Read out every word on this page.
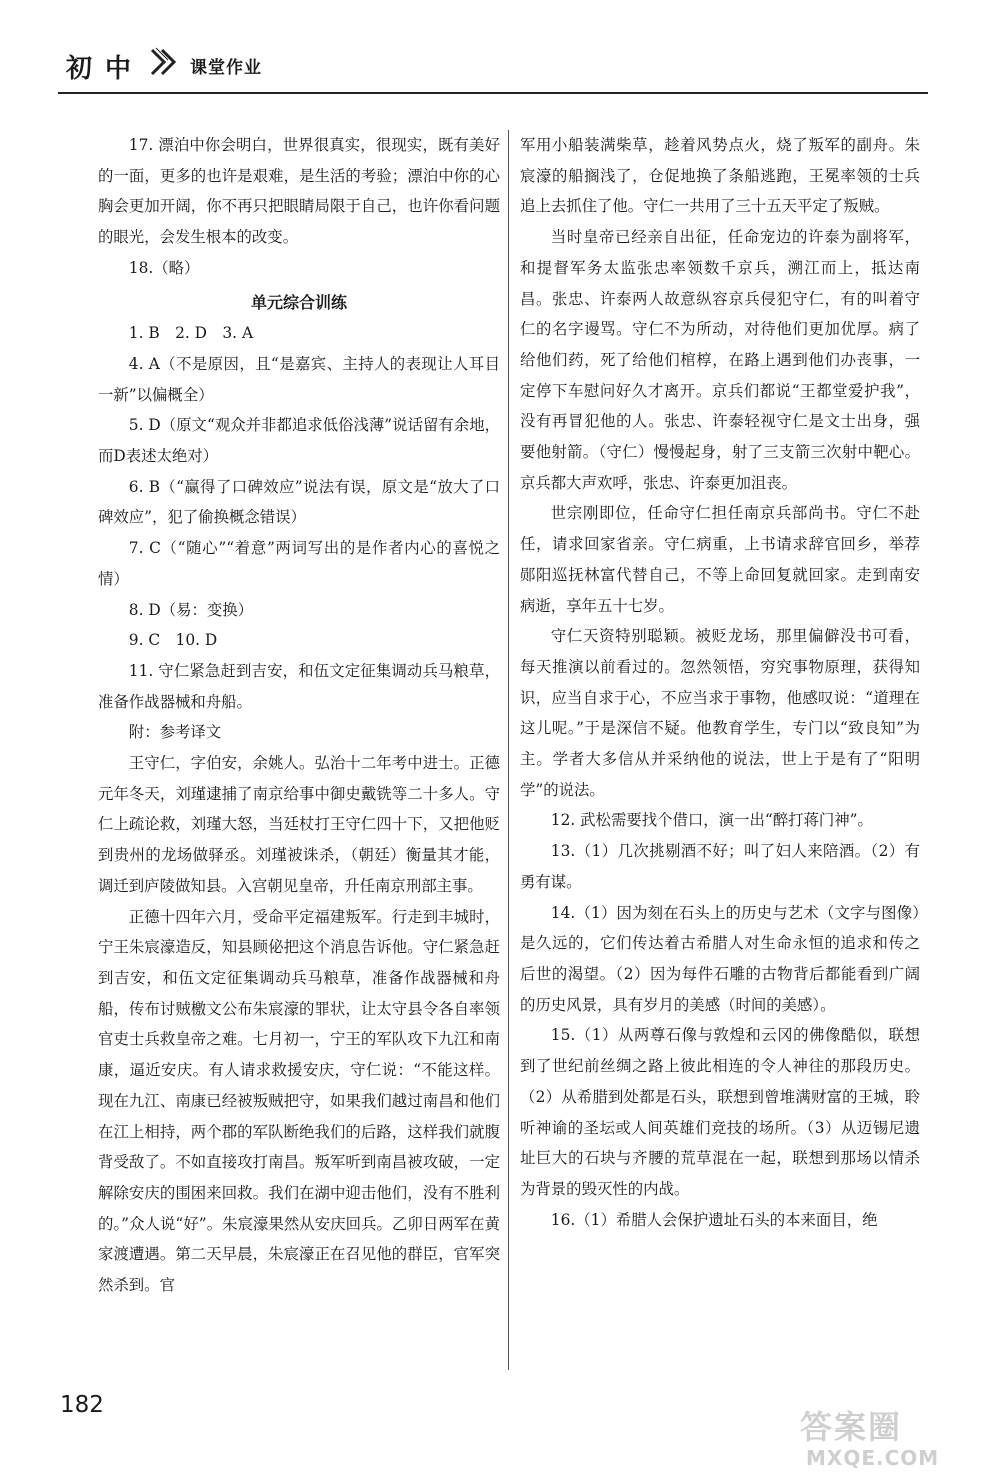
初 中	课堂作业

17. 漂泊中你会明白，世界很真实，很现实，既有美好的一面，更多的也许是艰难，是生活的考验；漂泊中你的心胸会更加开阔，你不再只把眼睛局限于自己，也许你看问题的眼光，会发生根本的改变。

18.（略）

单元综合训练

1. B　2. D　3. A

4. A（不是原因，且“是嘉宾、主持人的表现让人耳目一新”以偏概全）

5. D（原文“观众并非都追求低俗浅薄”说话留有余地，而D表述太绝对）

6. B（“赢得了口碑效应”说法有误，原文是“放大了口碑效应”，犯了偷换概念错误）

7. C（“随心”“着意”两词写出的是作者内心的喜悦之情）

8. D（易：变换）

9. C　10. D

11. 守仁紧急赶到吉安，和伍文定征集调动兵马粮草，准备作战器械和舟船。

附：参考译文

王守仁，字伯安，余姚人。弘治十二年考中进士。正德元年冬天，刘瑾逮捕了南京给事中御史戴铣等二十多人。守仁上疏论救，刘瑾大怒，当廷杖打王守仁四十下，又把他贬到贵州的龙场做驿丞。刘瑾被诛杀，（朝廷）衡量其才能，调迁到庐陵做知县。入宫朝见皇帝，升任南京刑部主事。

正德十四年六月，受命平定福建叛军。行走到丰城时，宁王朱宸濠造反，知县顾佖把这个消息告诉他。守仁紧急赶到吉安，和伍文定征集调动兵马粮草，准备作战器械和舟船，传布讨贼檄文公布朱宸濠的罪状，让太守县令各自率领官吏士兵救皇帝之难。七月初一，宁王的军队攻下九江和南康，逼近安庆。有人请求救援安庆，守仁说：“不能这样。现在九江、南康已经被叛贼把守，如果我们越过南昌和他们在江上相持，两个郡的军队断绝我们的后路，这样我们就腹背受敌了。不如直接攻打南昌。叛军听到南昌被攻破，一定解除安庆的围困来回救。我们在湖中迎击他们，没有不胜利的。”众人说“好”。朱宸濠果然从安庆回兵。乙卯日两军在黄家渡遭遇。第二天早晨，朱宸濠正在召见他的群臣，官军突然杀到。官

军用小船装满柴草，趁着风势点火，烧了叛军的副舟。朱宸濠的船搁浅了，仓促地换了条船逃跑，王冕率领的士兵追上去抓住了他。守仁一共用了三十五天平定了叛贼。

当时皇帝已经亲自出征，任命宠边的许泰为副将军，和提督军务太监张忠率领数千京兵，溯江而上，抵达南昌。张忠、许泰两人故意纵容京兵侵犯守仁，有的叫着守仁的名字谩骂。守仁不为所动，对待他们更加优厚。病了给他们药，死了给他们棺椁，在路上遇到他们办丧事，一定停下车慰问好久才离开。京兵们都说“王都堂爱护我”，没有再冒犯他的人。张忠、许泰轻视守仁是文士出身，强要他射箭。（守仁）慢慢起身，射了三支箭三次射中靶心。京兵都大声欢呼，张忠、许泰更加沮丧。

世宗刚即位，任命守仁担任南京兵部尚书。守仁不赴任，请求回家省亲。守仁病重，上书请求辞官回乡，举荐郧阳巡抚林富代替自己，不等上命回复就回家。走到南安病逝，享年五十七岁。

守仁天资特别聪颖。被贬龙场，那里偏僻没书可看，每天推演以前看过的。忽然领悟，穷究事物原理，获得知识，应当自求于心，不应当求于事物，他感叹说：“道理在这儿呢。”于是深信不疑。他教育学生，专门以“致良知”为主。学者大多信从并采纳他的说法，世上于是有了“阳明学”的说法。

12. 武松需要找个借口，演一出“醉打蒋门神”。

13.（1）几次挑剔酒不好；叫了妇人来陪酒。（2）有勇有谋。

14.（1）因为刻在石头上的历史与艺术（文字与图像）是久远的，它们传达着古希腊人对生命永恒的追求和传之后世的渴望。（2）因为每件石雕的古物背后都能看到广阔的历史风景，具有岁月的美感（时间的美感）。

15.（1）从两尊石像与敦煌和云冈的佛像酷似，联想到了世纪前丝绸之路上彼此相连的令人神往的那段历史。（2）从希腊到处都是石头，联想到曾堆满财富的王城，聆听神谕的圣坛或人间英雄们竞技的场所。（3）从迈锡尼遗址巨大的石块与齐腰的荒草混在一起，联想到那场以情杀为背景的毁灭性的内战。

16.（1）希腊人会保护遗址石头的本来面目，绝

182
答案圈
MXQE.COM
